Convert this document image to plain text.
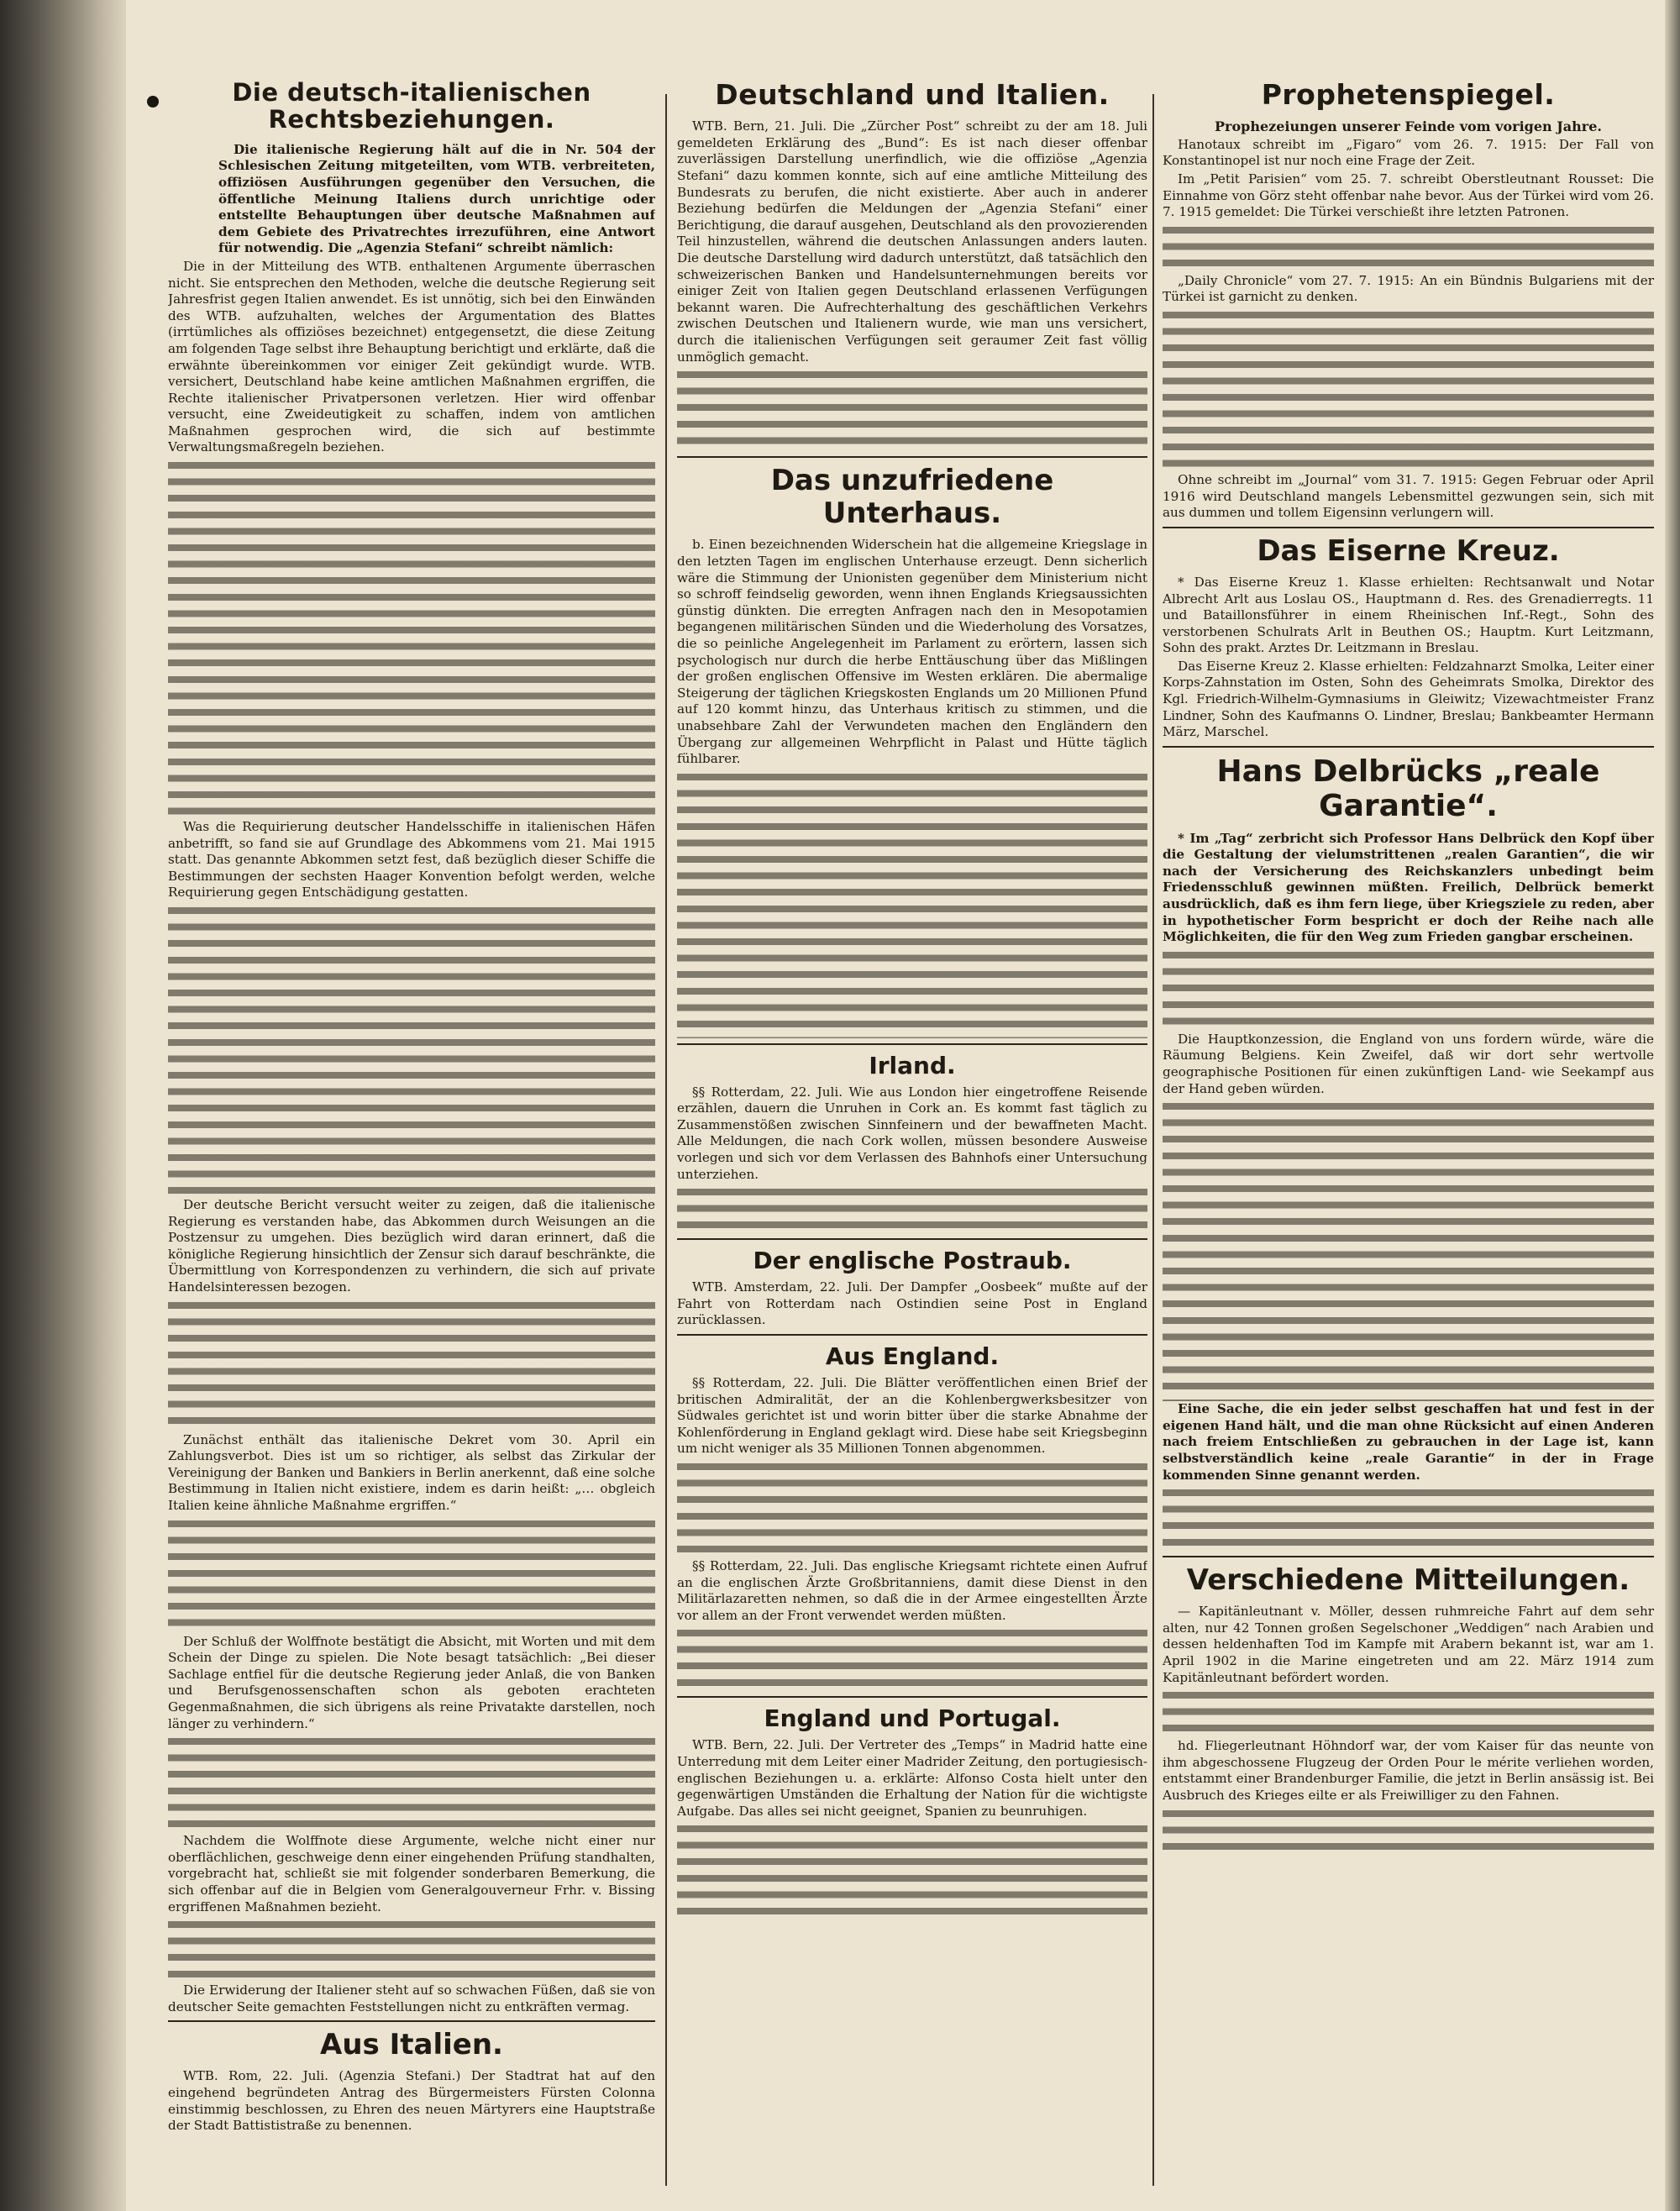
Die deutsch-italienischen Rechtsbeziehungen.

Die italienische Regierung hält auf die in Nr. 504 der Schlesischen Zeitung mitgeteilten, vom WTB. verbreiteten, offiziösen Ausführungen gegenüber den Versuchen, die öffentliche Meinung Italiens durch unrichtige oder entstellte Behauptungen über deutsche Maßnahmen auf dem Gebiete des Privatrechtes irrezuführen, eine Antwort für notwendig. Die „Agenzia Stefani“ schreibt nämlich:

Die in der Mitteilung des WTB. enthaltenen Argumente überraschen nicht. Sie entsprechen den Methoden, welche die deutsche Regierung seit Jahresfrist gegen Italien anwendet. Es ist unnötig, sich bei den Einwänden des WTB. aufzuhalten, welches der Argumentation des Blattes (irrtümliches als offiziöses bezeichnet) entgegensetzt, die diese Zeitung am folgenden Tage selbst ihre Behauptung berichtigt und erklärte, daß die erwähnte übereinkommen vor einiger Zeit gekündigt wurde. WTB. versichert, Deutschland habe keine amtlichen Maßnahmen ergriffen, die Rechte italienischer Privatpersonen verletzen. Hier wird offenbar versucht, eine Zweideutigkeit zu schaffen, indem von amtlichen Maßnahmen gesprochen wird, die sich auf bestimmte Verwaltungsmaßregeln beziehen.

Was die Requirierung deutscher Handelsschiffe in italienischen Häfen anbetrifft, so fand sie auf Grundlage des Abkommens vom 21. Mai 1915 statt. Das genannte Abkommen setzt fest, daß bezüglich dieser Schiffe die Bestimmungen der sechsten Haager Konvention befolgt werden, welche Requirierung gegen Entschädigung gestatten.

Der deutsche Bericht versucht weiter zu zeigen, daß die italienische Regierung es verstanden habe, das Abkommen durch Weisungen an die Postzensur zu umgehen. Dies bezüglich wird daran erinnert, daß die königliche Regierung hinsichtlich der Zensur sich darauf beschränkte, die Übermittlung von Korrespondenzen zu verhindern, die sich auf private Handelsinteressen bezogen.

Zunächst enthält das italienische Dekret vom 30. April ein Zahlungsverbot. Dies ist um so richtiger, als selbst das Zirkular der Vereinigung der Banken und Bankiers in Berlin anerkennt, daß eine solche Bestimmung in Italien nicht existiere, indem es darin heißt: „… obgleich Italien keine ähnliche Maßnahme ergriffen.“

Der Schluß der Wolffnote bestätigt die Absicht, mit Worten und mit dem Schein der Dinge zu spielen. Die Note besagt tatsächlich: „Bei dieser Sachlage entfiel für die deutsche Regierung jeder Anlaß, die von Banken und Berufsgenossenschaften schon als geboten erachteten Gegenmaßnahmen, die sich übrigens als reine Privatakte darstellen, noch länger zu verhindern.“

Nachdem die Wolffnote diese Argumente, welche nicht einer nur oberflächlichen, geschweige denn einer eingehenden Prüfung standhalten, vorgebracht hat, schließt sie mit folgender sonderbaren Bemerkung, die sich offenbar auf die in Belgien vom Generalgouverneur Frhr. v. Bissing ergriffenen Maßnahmen bezieht.

Die Erwiderung der Italiener steht auf so schwachen Füßen, daß sie von deutscher Seite gemachten Feststellungen nicht zu entkräften vermag.

Aus Italien.

WTB. Rom, 22. Juli. (Agenzia Stefani.) Der Stadtrat hat auf den eingehend begründeten Antrag des Bürgermeisters Fürsten Colonna einstimmig beschlossen, zu Ehren des neuen Märtyrers eine Hauptstraße der Stadt Battististraße zu benennen.

Deutschland und Italien.

WTB. Bern, 21. Juli. Die „Zürcher Post“ schreibt zu der am 18. Juli gemeldeten Erklärung des „Bund“: Es ist nach dieser offenbar zuverlässigen Darstellung unerfindlich, wie die offiziöse „Agenzia Stefani“ dazu kommen konnte, sich auf eine amtliche Mitteilung des Bundesrats zu berufen, die nicht existierte. Aber auch in anderer Beziehung bedürfen die Meldungen der „Agenzia Stefani“ einer Berichtigung, die darauf ausgehen, Deutschland als den provozierenden Teil hinzustellen, während die deutschen Anlassungen anders lauten. Die deutsche Darstellung wird dadurch unterstützt, daß tatsächlich den schweizerischen Banken und Handelsunternehmungen bereits vor einiger Zeit von Italien gegen Deutschland erlassenen Verfügungen bekannt waren. Die Aufrechterhaltung des geschäftlichen Verkehrs zwischen Deutschen und Italienern wurde, wie man uns versichert, durch die italienischen Verfügungen seit geraumer Zeit fast völlig unmöglich gemacht.

Das unzufriedene Unterhaus.

b. Einen bezeichnenden Widerschein hat die allgemeine Kriegslage in den letzten Tagen im englischen Unterhause erzeugt. Denn sicherlich wäre die Stimmung der Unionisten gegenüber dem Ministerium nicht so schroff feindselig geworden, wenn ihnen Englands Kriegsaussichten günstig dünkten. Die erregten Anfragen nach den in Mesopotamien begangenen militärischen Sünden und die Wiederholung des Vorsatzes, die so peinliche Angelegenheit im Parlament zu erörtern, lassen sich psychologisch nur durch die herbe Enttäuschung über das Mißlingen der großen englischen Offensive im Westen erklären. Die abermalige Steigerung der täglichen Kriegskosten Englands um 20 Millionen Pfund auf 120 kommt hinzu, das Unterhaus kritisch zu stimmen, und die unabsehbare Zahl der Verwundeten machen den Engländern den Übergang zur allgemeinen Wehrpflicht in Palast und Hütte täglich fühlbarer.

Irland.

§§ Rotterdam, 22. Juli. Wie aus London hier eingetroffene Reisende erzählen, dauern die Unruhen in Cork an. Es kommt fast täglich zu Zusammenstößen zwischen Sinnfeinern und der bewaffneten Macht. Alle Meldungen, die nach Cork wollen, müssen besondere Ausweise vorlegen und sich vor dem Verlassen des Bahnhofs einer Untersuchung unterziehen.

Der englische Postraub.

WTB. Amsterdam, 22. Juli. Der Dampfer „Oosbeek“ mußte auf der Fahrt von Rotterdam nach Ostindien seine Post in England zurücklassen.

Aus England.

§§ Rotterdam, 22. Juli. Die Blätter veröffentlichen einen Brief der britischen Admiralität, der an die Kohlenbergwerksbesitzer von Südwales gerichtet ist und worin bitter über die starke Abnahme der Kohlenförderung in England geklagt wird. Diese habe seit Kriegsbeginn um nicht weniger als 35 Millionen Tonnen abgenommen.

§§ Rotterdam, 22. Juli. Das englische Kriegsamt richtete einen Aufruf an die englischen Ärzte Großbritanniens, damit diese Dienst in den Militärlazaretten nehmen, so daß die in der Armee eingestellten Ärzte vor allem an der Front verwendet werden müßten.

England und Portugal.

WTB. Bern, 22. Juli. Der Vertreter des „Temps“ in Madrid hatte eine Unterredung mit dem Leiter einer Madrider Zeitung, den portugiesisch-englischen Beziehungen u. a. erklärte: Alfonso Costa hielt unter den gegenwärtigen Umständen die Erhaltung der Nation für die wichtigste Aufgabe. Das alles sei nicht geeignet, Spanien zu beunruhigen.

Prophetenspiegel.

Prophezeiungen unserer Feinde vom vorigen Jahre.

Hanotaux schreibt im „Figaro“ vom 26. 7. 1915: Der Fall von Konstantinopel ist nur noch eine Frage der Zeit.

Im „Petit Parisien“ vom 25. 7. schreibt Oberstleutnant Rousset: Die Einnahme von Görz steht offenbar nahe bevor. Aus der Türkei wird vom 26. 7. 1915 gemeldet: Die Türkei verschießt ihre letzten Patronen.

„Daily Chronicle“ vom 27. 7. 1915: An ein Bündnis Bulgariens mit der Türkei ist garnicht zu denken.

Ohne schreibt im „Journal“ vom 31. 7. 1915: Gegen Februar oder April 1916 wird Deutschland mangels Lebensmittel gezwungen sein, sich mit aus dummen und tollem Eigensinn verlungern will.

Das Eiserne Kreuz.

* Das Eiserne Kreuz 1. Klasse erhielten: Rechtsanwalt und Notar Albrecht Arlt aus Loslau OS., Hauptmann d. Res. des Grenadierregts. 11 und Bataillonsführer in einem Rheinischen Inf.-Regt., Sohn des verstorbenen Schulrats Arlt in Beuthen OS.; Hauptm. Kurt Leitzmann, Sohn des prakt. Arztes Dr. Leitzmann in Breslau.

Das Eiserne Kreuz 2. Klasse erhielten: Feldzahnarzt Smolka, Leiter einer Korps-Zahnstation im Osten, Sohn des Geheimrats Smolka, Direktor des Kgl. Friedrich-Wilhelm-Gymnasiums in Gleiwitz; Vizewachtmeister Franz Lindner, Sohn des Kaufmanns O. Lindner, Breslau; Bankbeamter Hermann März, Marschel.

Hans Delbrücks „reale Garantie“.

* Im „Tag“ zerbricht sich Professor Hans Delbrück den Kopf über die Gestaltung der vielumstrittenen „realen Garantien“, die wir nach der Versicherung des Reichskanzlers unbedingt beim Friedensschluß gewinnen müßten. Freilich, Delbrück bemerkt ausdrücklich, daß es ihm fern liege, über Kriegsziele zu reden, aber in hypothetischer Form bespricht er doch der Reihe nach alle Möglichkeiten, die für den Weg zum Frieden gangbar erscheinen.

Die Hauptkonzession, die England von uns fordern würde, wäre die Räumung Belgiens. Kein Zweifel, daß wir dort sehr wertvolle geographische Positionen für einen zukünftigen Land- wie Seekampf aus der Hand geben würden.

Eine Sache, die ein jeder selbst geschaffen hat und fest in der eigenen Hand hält, und die man ohne Rücksicht auf einen Anderen nach freiem Entschließen zu gebrauchen in der Lage ist, kann selbstverständlich keine „reale Garantie“ in der in Frage kommenden Sinne genannt werden.

Verschiedene Mitteilungen.

— Kapitänleutnant v. Möller, dessen ruhmreiche Fahrt auf dem sehr alten, nur 42 Tonnen großen Segelschoner „Weddigen“ nach Arabien und dessen heldenhaften Tod im Kampfe mit Arabern bekannt ist, war am 1. April 1902 in die Marine eingetreten und am 22. März 1914 zum Kapitänleutnant befördert worden.

hd. Fliegerleutnant Höhndorf war, der vom Kaiser für das neunte von ihm abgeschossene Flugzeug der Orden Pour le mérite verliehen worden, entstammt einer Brandenburger Familie, die jetzt in Berlin ansässig ist. Bei Ausbruch des Krieges eilte er als Freiwilliger zu den Fahnen.
